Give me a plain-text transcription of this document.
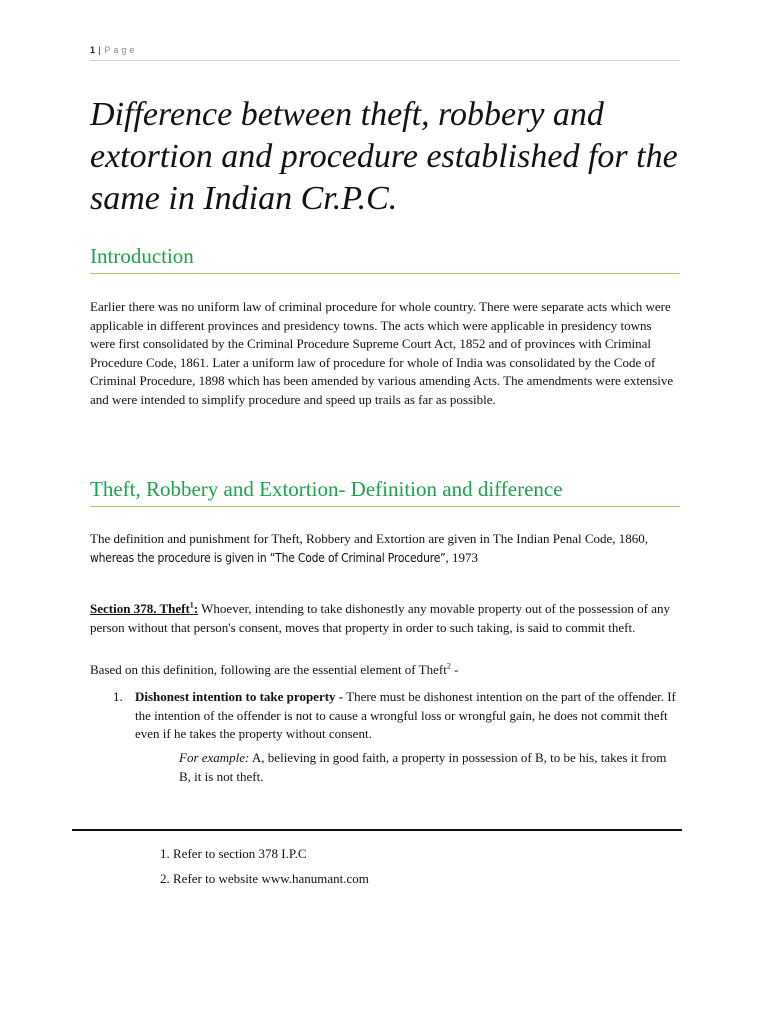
1 | Page
Difference between theft, robbery and extortion and procedure established for the same in Indian Cr.P.C.
Introduction

Earlier there was no uniform law of criminal procedure for whole country. There were separate acts which were applicable in different provinces and presidency towns. The acts which were applicable in presidency towns were first consolidated by the Criminal Procedure Supreme Court Act, 1852 and of provinces with Criminal Procedure Code, 1861. Later a uniform law of procedure for whole of India was consolidated by the Code of Criminal Procedure, 1898 which has been amended by various amending Acts. The amendments were extensive and were intended to simplify procedure and speed up trails as far as possible.

Theft, Robbery and Extortion- Definition and difference

The definition and punishment for Theft, Robbery and Extortion are given in The Indian Penal Code, 1860, whereas the procedure is given in “The Code of Criminal Procedure”, 1973

Section 378. Theft$^1$: Whoever, intending to take dishonestly any movable property out of the possession of any person without that person's consent, moves that property in order to such taking, is said to commit theft.

Based on this definition, following are the essential element of Theft$^2$ -

1. Dishonest intention to take property - There must be dishonest intention on the part of the offender. If the intention of the offender is not to cause a wrongful loss or wrongful gain, he does not commit theft even if he takes the property without consent.
For example: A, believing in good faith, a property in possession of B, to be his, takes it from B, it is not theft.
1. Refer to section 378 I.P.C
2. Refer to website www.hanumant.com
